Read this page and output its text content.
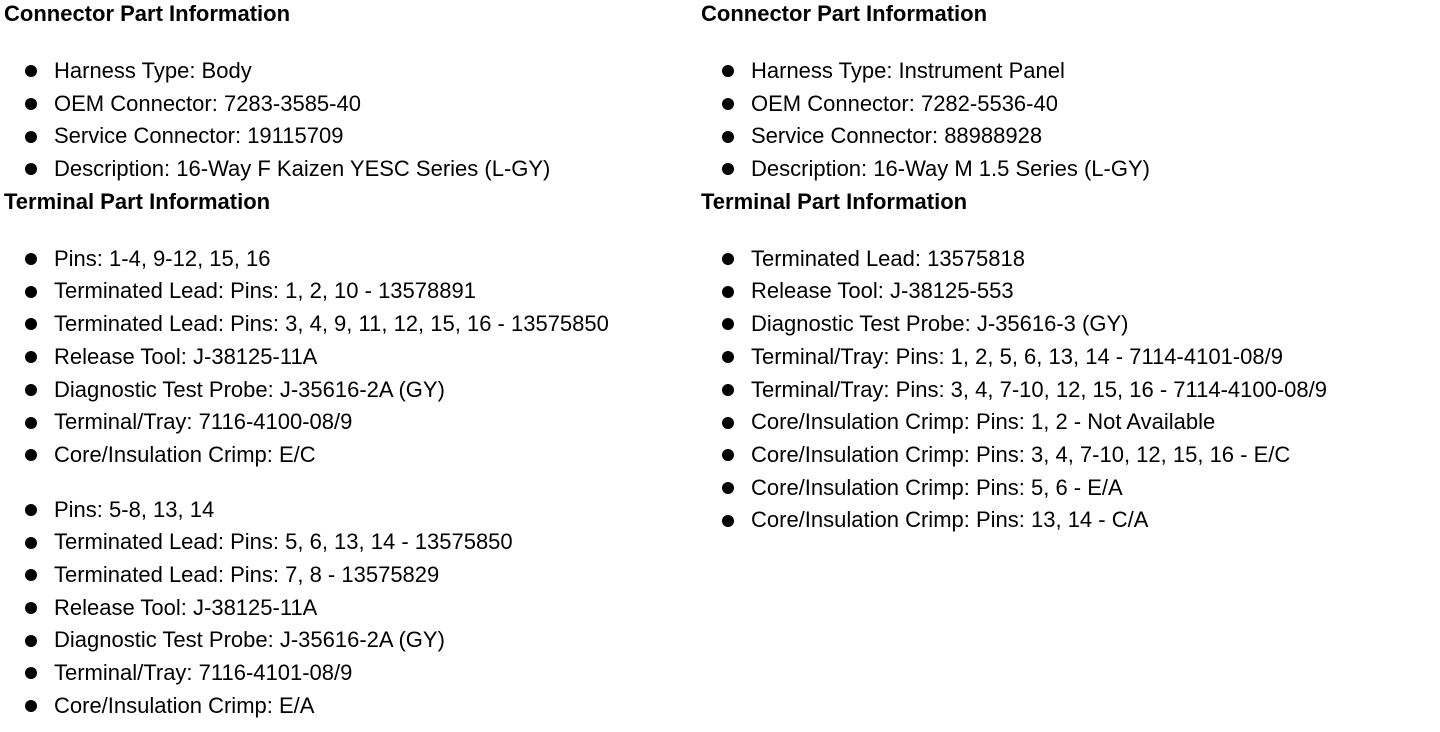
Connector Part Information
Harness Type: Body
OEM Connector: 7283-3585-40
Service Connector: 19115709
Description: 16-Way F Kaizen YESC Series (L-GY)
Terminal Part Information
Pins: 1-4, 9-12, 15, 16
Terminated Lead: Pins: 1, 2, 10 - 13578891
Terminated Lead: Pins: 3, 4, 9, 11, 12, 15, 16 - 13575850
Release Tool: J-38125-11A
Diagnostic Test Probe: J-35616-2A (GY)
Terminal/Tray: 7116-4100-08/9
Core/Insulation Crimp: E/C
Pins: 5-8, 13, 14
Terminated Lead: Pins: 5, 6, 13, 14 - 13575850
Terminated Lead: Pins: 7, 8 - 13575829
Release Tool: J-38125-11A
Diagnostic Test Probe: J-35616-2A (GY)
Terminal/Tray: 7116-4101-08/9
Core/Insulation Crimp: E/A
Connector Part Information
Harness Type: Instrument Panel
OEM Connector: 7282-5536-40
Service Connector: 88988928
Description: 16-Way M 1.5 Series (L-GY)
Terminal Part Information
Terminated Lead: 13575818
Release Tool: J-38125-553
Diagnostic Test Probe: J-35616-3 (GY)
Terminal/Tray: Pins: 1, 2, 5, 6, 13, 14 - 7114-4101-08/9
Terminal/Tray: Pins: 3, 4, 7-10, 12, 15, 16 - 7114-4100-08/9
Core/Insulation Crimp: Pins: 1, 2 - Not Available
Core/Insulation Crimp: Pins: 3, 4, 7-10, 12, 15, 16 - E/C
Core/Insulation Crimp: Pins: 5, 6 - E/A
Core/Insulation Crimp: Pins: 13, 14 - C/A
